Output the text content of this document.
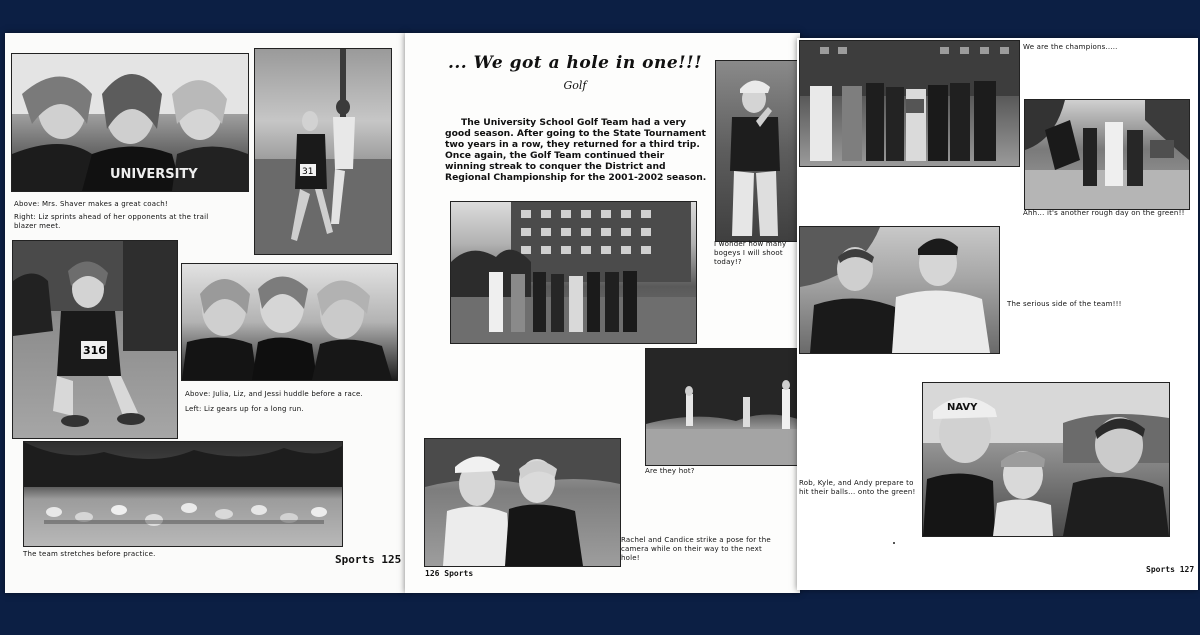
UNIVERSITY	31
Above: Mrs. Shaver makes a great coach!
Right: Liz sprints ahead of her opponents at the trail blazer meet.
316
Above: Julia, Liz, and Jessi huddle before a race.
Left: Liz gears up for a long run.
The team stretches before practice.	Sports 125
... We got a hole in one!!!
Golf
The University School Golf Team had a very good season. After going to the State Tournament two years in a row, they returned for a third trip. Once again, the Golf Team continued their winning streak to conquer the District and Regional Championship for the 2001-2002 season.
I wonder how many bogeys I will shoot today!?
Are they hot?
Rachel and Candice strike a pose for the camera while on their way to the next hole!
126 Sports
We are the champions.....
Ahh... it's another rough day on the green!!
The serious side of the team!!!
NAVY
Rob, Kyle, and Andy prepare to hit their balls... onto the green!
Sports 127
